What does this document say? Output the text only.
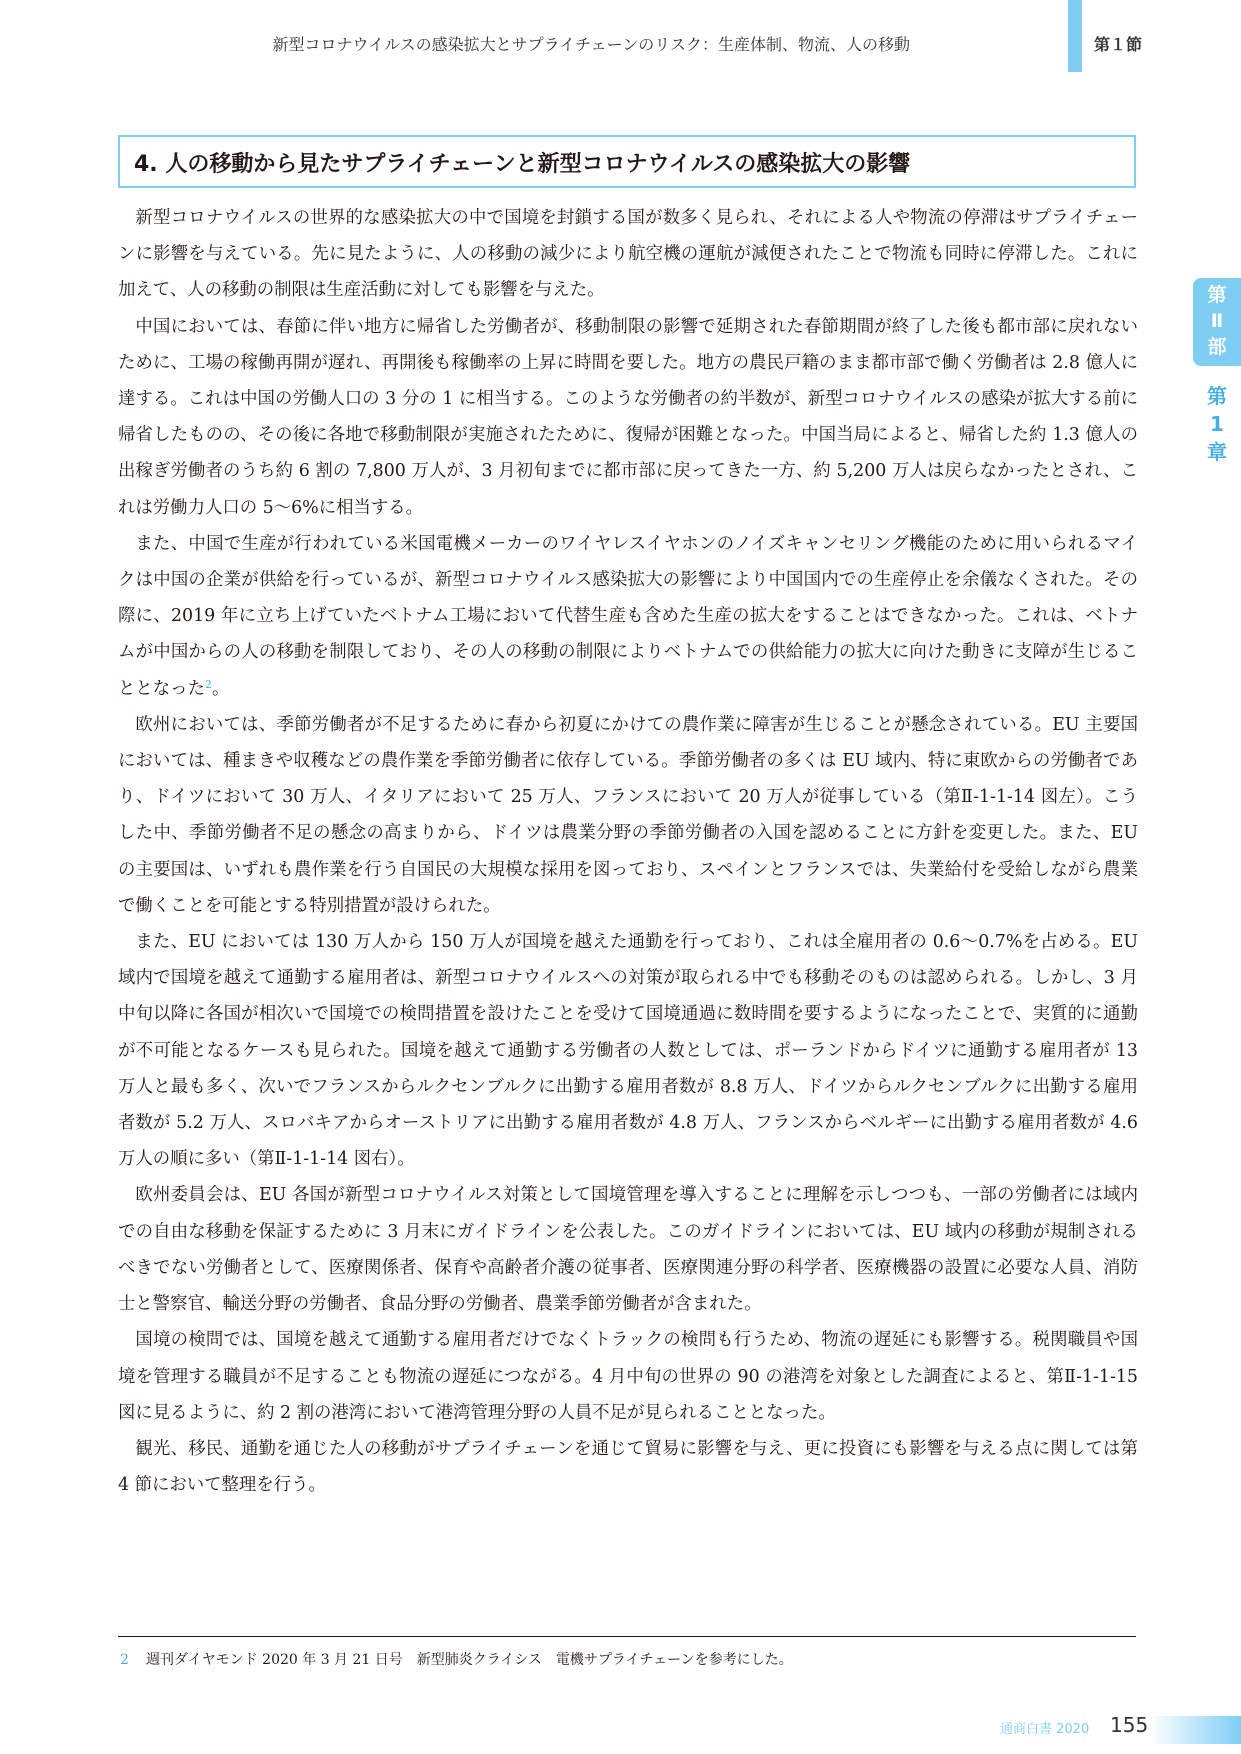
新型コロナウイルスの感染拡大とサプライチェーンのリスク：生産体制、物流、人の移動	第１節
第
Ⅱ
部
第
1
章
4. 人の移動から見たサプライチェーンと新型コロナウイルスの感染拡大の影響

新型コロナウイルスの世界的な感染拡大の中で国境を封鎖する国が数多く見られ、それによる人や物流の停滞はサプライチェーンに影響を与えている。先に見たように、人の移動の減少により航空機の運航が減便されたことで物流も同時に停滞した。これに加えて、人の移動の制限は生産活動に対しても影響を与えた。

中国においては、春節に伴い地方に帰省した労働者が、移動制限の影響で延期された春節期間が終了した後も都市部に戻れないために、工場の稼働再開が遅れ、再開後も稼働率の上昇に時間を要した。地方の農民戸籍のまま都市部で働く労働者は 2.8 億人に達する。これは中国の労働人口の 3 分の 1 に相当する。このような労働者の約半数が、新型コロナウイルスの感染が拡大する前に帰省したものの、その後に各地で移動制限が実施されたために、復帰が困難となった。中国当局によると、帰省した約 1.3 億人の出稼ぎ労働者のうち約 6 割の 7,800 万人が、3 月初旬までに都市部に戻ってきた一方、約 5,200 万人は戻らなかったとされ、これは労働力人口の 5〜6%に相当する。

また、中国で生産が行われている米国電機メーカーのワイヤレスイヤホンのノイズキャンセリング機能のために用いられるマイクは中国の企業が供給を行っているが、新型コロナウイルス感染拡大の影響により中国国内での生産停止を余儀なくされた。その際に、2019 年に立ち上げていたベトナム工場において代替生産も含めた生産の拡大をすることはできなかった。これは、ベトナムが中国からの人の移動を制限しており、その人の移動の制限によりベトナムでの供給能力の拡大に向けた動きに支障が生じることとなった$^2$。

欧州においては、季節労働者が不足するために春から初夏にかけての農作業に障害が生じることが懸念されている。EU 主要国においては、種まきや収穫などの農作業を季節労働者に依存している。季節労働者の多くは EU 域内、特に東欧からの労働者であり、ドイツにおいて 30 万人、イタリアにおいて 25 万人、フランスにおいて 20 万人が従事している（第Ⅱ-1-1-14 図左）。こうした中、季節労働者不足の懸念の高まりから、ドイツは農業分野の季節労働者の入国を認めることに方針を変更した。また、EU の主要国は、いずれも農作業を行う自国民の大規模な採用を図っており、スペインとフランスでは、失業給付を受給しながら農業で働くことを可能とする特別措置が設けられた。

また、EU においては 130 万人から 150 万人が国境を越えた通勤を行っており、これは全雇用者の 0.6〜0.7%を占める。EU 域内で国境を越えて通勤する雇用者は、新型コロナウイルスへの対策が取られる中でも移動そのものは認められる。しかし、3 月中旬以降に各国が相次いで国境での検問措置を設けたことを受けて国境通過に数時間を要するようになったことで、実質的に通勤が不可能となるケースも見られた。国境を越えて通勤する労働者の人数としては、ポーランドからドイツに通勤する雇用者が 13 万人と最も多く、次いでフランスからルクセンブルクに出勤する雇用者数が 8.8 万人、ドイツからルクセンブルクに出勤する雇用者数が 5.2 万人、スロバキアからオーストリアに出勤する雇用者数が 4.8 万人、フランスからベルギーに出勤する雇用者数が 4.6 万人の順に多い（第Ⅱ-1-1-14 図右）。

欧州委員会は、EU 各国が新型コロナウイルス対策として国境管理を導入することに理解を示しつつも、一部の労働者には域内での自由な移動を保証するために 3 月末にガイドラインを公表した。このガイドラインにおいては、EU 域内の移動が規制されるべきでない労働者として、医療関係者、保育や高齢者介護の従事者、医療関連分野の科学者、医療機器の設置に必要な人員、消防士と警察官、輸送分野の労働者、食品分野の労働者、農業季節労働者が含まれた。

国境の検問では、国境を越えて通勤する雇用者だけでなくトラックの検問も行うため、物流の遅延にも影響する。税関職員や国境を管理する職員が不足することも物流の遅延につながる。4 月中旬の世界の 90 の港湾を対象とした調査によると、第Ⅱ-1-1-15 図に見るように、約 2 割の港湾において港湾管理分野の人員不足が見られることとなった。

観光、移民、通勤を通じた人の移動がサプライチェーンを通じて貿易に影響を与え、更に投資にも影響を与える点に関しては第 4 節において整理を行う。

2 週刊ダイヤモンド 2020 年 3 月 21 日号　新型肺炎クライシス　電機サプライチェーンを参考にした。
通商白書 2020 155
